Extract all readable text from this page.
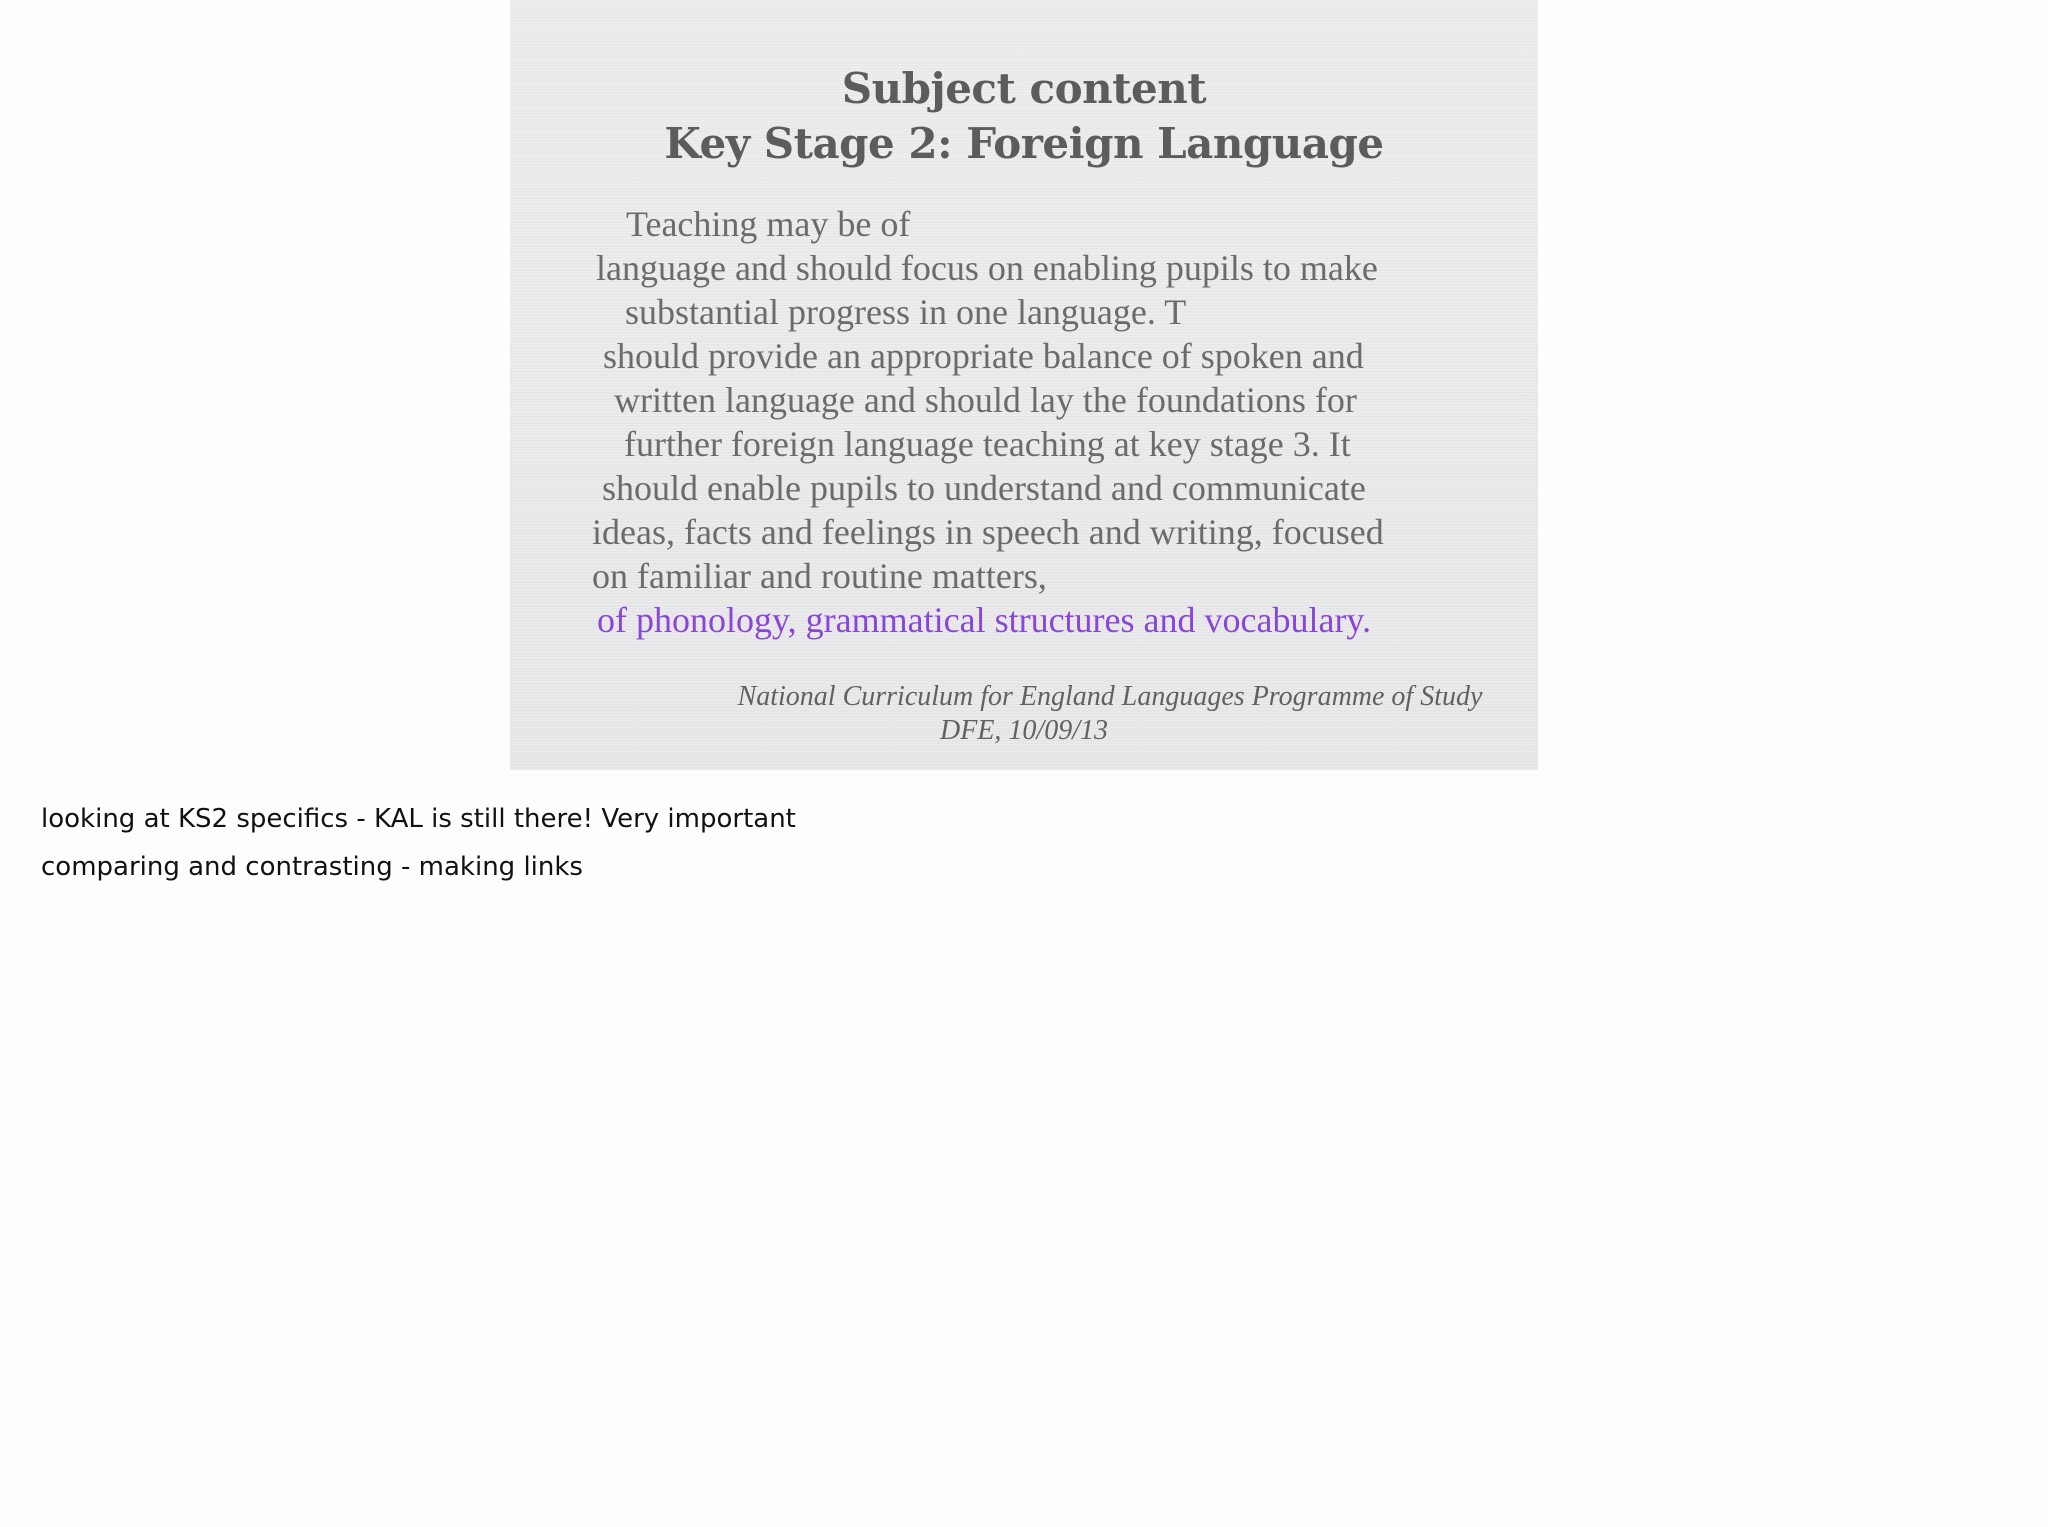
Subject content
Key Stage 2: Foreign Language
Teaching may be of
language and should focus on enabling pupils to make
substantial progress in one language. T
should provide an appropriate balance of spoken and
written language and should lay the foundations for
further foreign language teaching at key stage 3. It
should enable pupils to understand and communicate
ideas, facts and feelings in speech and writing, focused
on familiar and routine matters,
of phonology, grammatical structures and vocabulary.
National Curriculum for England Languages Programme of Study
DFE, 10/09/13
looking at KS2 specifics - KAL is still there! Very important
comparing and contrasting - making links
